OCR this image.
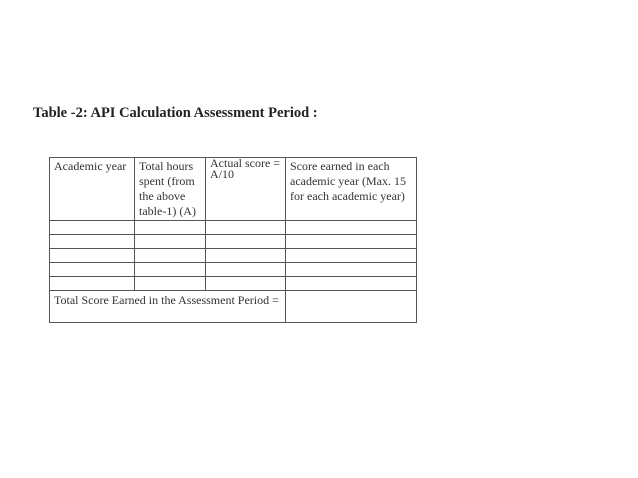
Table -2: API Calculation Assessment Period :
Academic year	Total hours spent (from the above table-1) (A)	Actual score = A/10	Score earned in each academic year (Max. 15 for each academic year)

Total Score Earned in the Assessment Period =			
